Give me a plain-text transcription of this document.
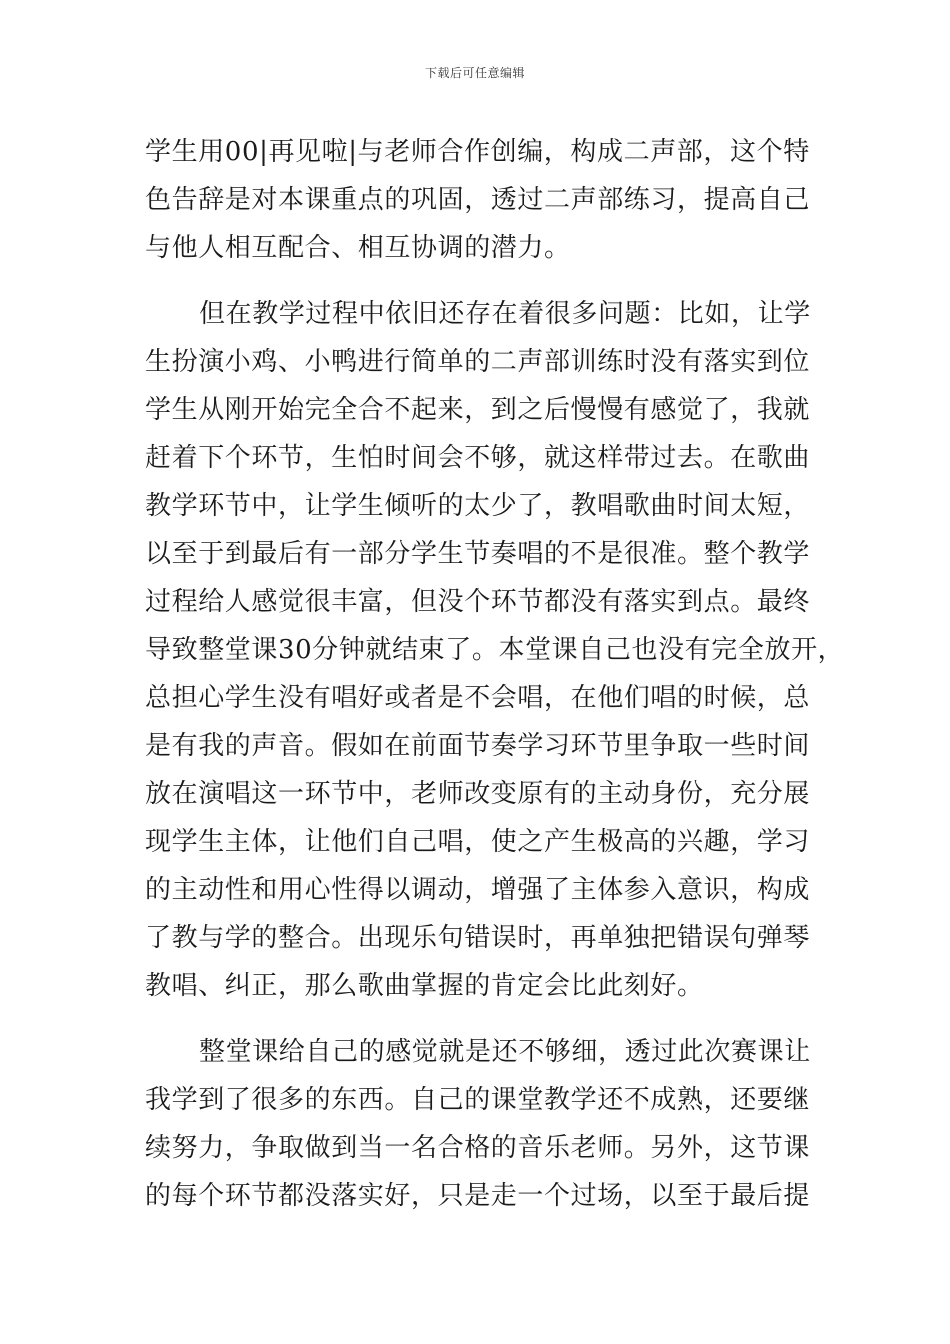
下载后可任意编辑
学生用00|再见啦|与老师合作创编，构成二声部，这个特
色告辞是对本课重点的巩固，透过二声部练习，提高自己
与他人相互配合、相互协调的潜力。
但在教学过程中依旧还存在着很多问题：比如，让学
生扮演小鸡、小鸭进行简单的二声部训练时没有落实到位
学生从刚开始完全合不起来，到之后慢慢有感觉了，我就
赶着下个环节，生怕时间会不够，就这样带过去。在歌曲
教学环节中，让学生倾听的太少了，教唱歌曲时间太短，
以至于到最后有一部分学生节奏唱的不是很准。整个教学
过程给人感觉很丰富，但没个环节都没有落实到点。最终
导致整堂课30分钟就结束了。本堂课自己也没有完全放开，
总担心学生没有唱好或者是不会唱，在他们唱的时候，总
是有我的声音。假如在前面节奏学习环节里争取一些时间
放在演唱这一环节中，老师改变原有的主动身份，充分展
现学生主体，让他们自己唱，使之产生极高的兴趣，学习
的主动性和用心性得以调动，增强了主体参入意识，构成
了教与学的整合。出现乐句错误时，再单独把错误句弹琴
教唱、纠正，那么歌曲掌握的肯定会比此刻好。
整堂课给自己的感觉就是还不够细，透过此次赛课让
我学到了很多的东西。自己的课堂教学还不成熟，还要继
续努力，争取做到当一名合格的音乐老师。另外，这节课
的每个环节都没落实好，只是走一个过场，以至于最后提
